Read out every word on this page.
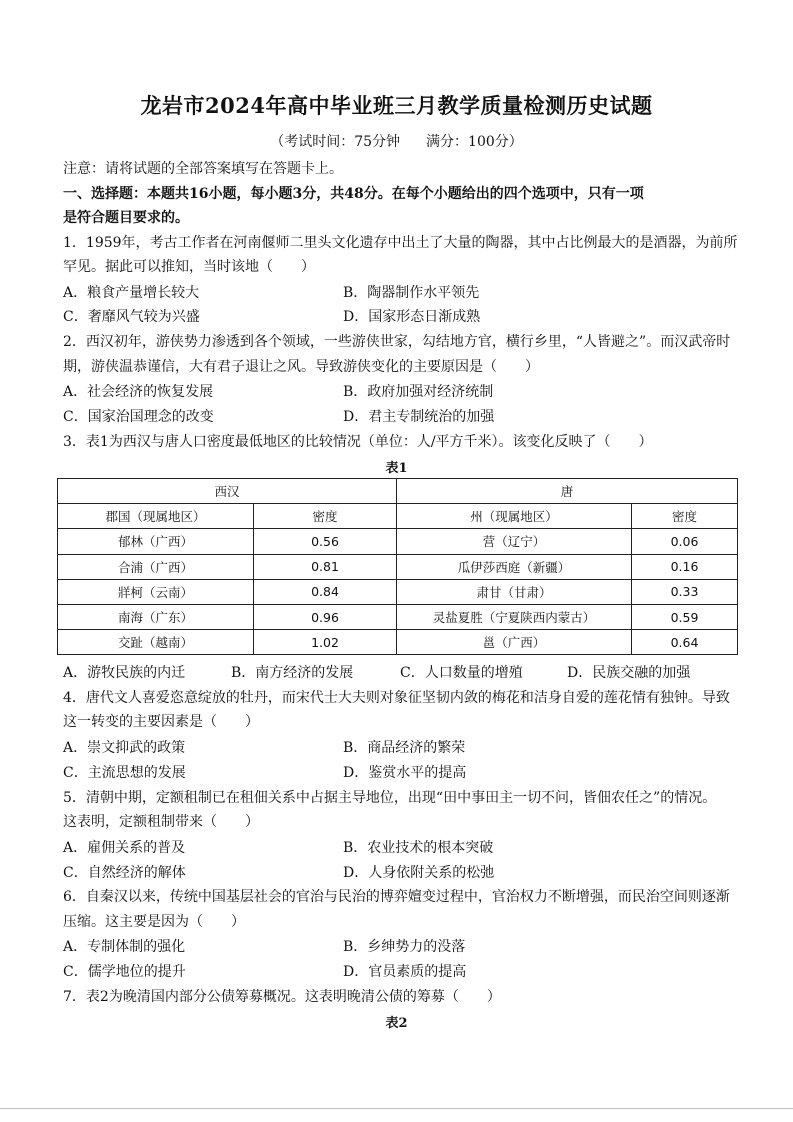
龙岩市2024年高中毕业班三月教学质量检测历史试题
（考试时间：75分钟 满分：100分）
注意：请将试题的全部答案填写在答题卡上。
一、选择题：本题共16小题，每小题3分，共48分。在每个小题给出的四个选项中，只有一项
是符合题目要求的。
1．1959年，考古工作者在河南偃师二里头文化遗存中出土了大量的陶器，其中占比例最大的是酒器，为前所
罕见。据此可以推知，当时该地（　　）
A．粮食产量增长较大	B．陶器制作水平领先
C．奢靡风气较为兴盛	D．国家形态日渐成熟
2．西汉初年，游侠势力渗透到各个领域，一些游侠世家，勾结地方官，横行乡里，“人皆避之”。而汉武帝时
期，游侠温恭谨信，大有君子退让之风。导致游侠变化的主要原因是（　　）
A．社会经济的恢复发展	B．政府加强对经济统制
C．国家治国理念的改变	D．君主专制统治的加强
3．表1为西汉与唐人口密度最低地区的比较情况（单位：人/平方千米）。该变化反映了（　　）
表1
西汉		唐	
郡国（现属地区）	密度	州（现属地区）	密度
郁林（广西）	0.56	营（辽宁）	0.06
合浦（广西）	0.81	瓜伊莎西庭（新疆）	0.16
牂柯（云南）	0.84	肃甘（甘肃）	0.33
南海（广东）	0.96	灵盐夏胜（宁夏陕西内蒙古）	0.59
交趾（越南）	1.02	邕（广西）	0.64
A．游牧民族的内迁	B．南方经济的发展	C．人口数量的增殖	D．民族交融的加强
4．唐代文人喜爱恣意绽放的牡丹，而宋代士大夫则对象征坚韧内敛的梅花和洁身自爱的莲花情有独钟。导致
这一转变的主要因素是（　　）
A．崇文抑武的政策	B．商品经济的繁荣
C．主流思想的发展	D．鉴赏水平的提高
5．清朝中期，定额租制已在租佃关系中占据主导地位，出现“田中事田主一切不问，皆佃农任之”的情况。
这表明，定额租制带来（　　）
A．雇佣关系的普及	B．农业技术的根本突破
C．自然经济的解体	D．人身依附关系的松弛
6．自秦汉以来，传统中国基层社会的官治与民治的博弈嬗变过程中，官治权力不断增强，而民治空间则逐渐
压缩。这主要是因为（　　）
A．专制体制的强化	B．乡绅势力的没落
C．儒学地位的提升	D．官员素质的提高
7．表2为晚清国内部分公债筹募概况。这表明晚清公债的筹募（　　）
表2
